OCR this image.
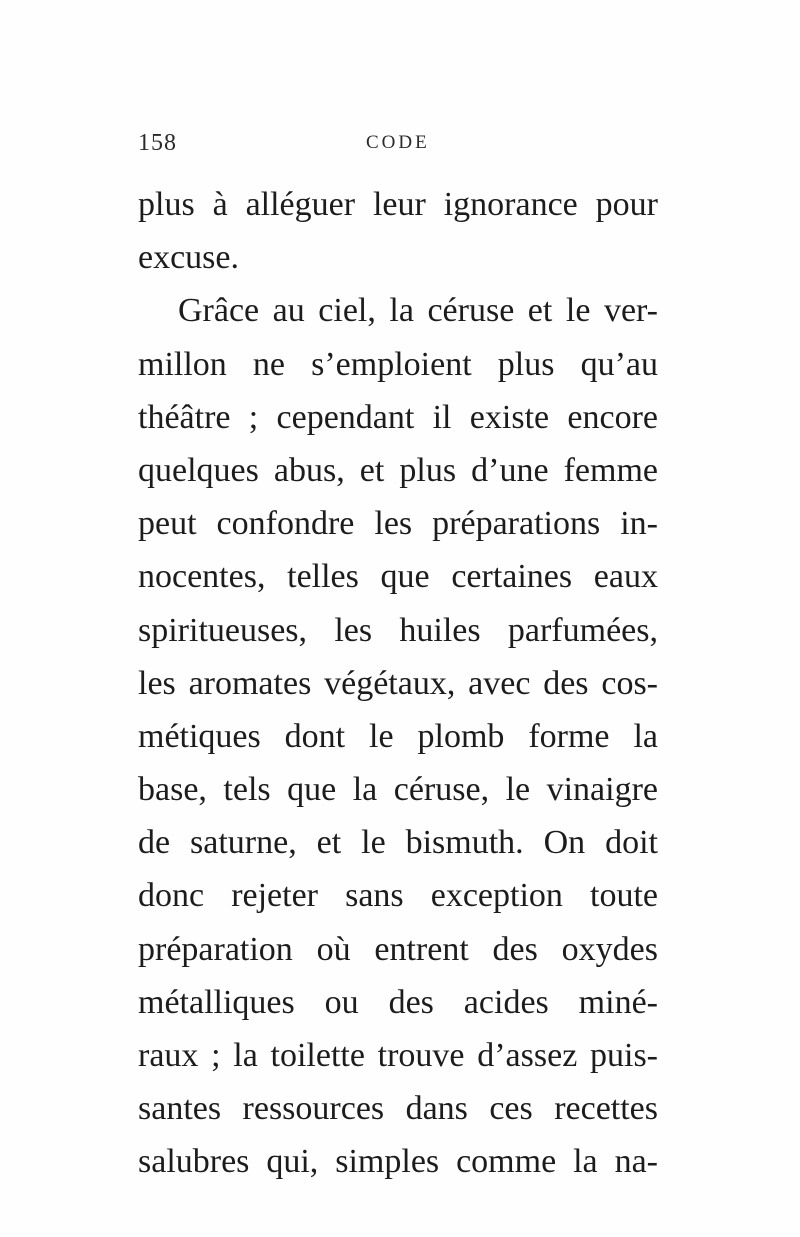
158	CODE
plus à alléguer leur ignorance pour
excuse.
Grâce au ciel, la céruse et le ver-
millon ne s’emploient plus qu’au
théâtre ; cependant il existe encore
quelques abus, et plus d’une femme
peut confondre les préparations in-
nocentes, telles que certaines eaux
spiritueuses, les huiles parfumées,
les aromates végétaux, avec des cos-
métiques dont le plomb forme la
base, tels que la céruse, le vinaigre
de saturne, et le bismuth. On doit
donc rejeter sans exception toute
préparation où entrent des oxydes
métalliques ou des acides miné-
raux ; la toilette trouve d’assez puis-
santes ressources dans ces recettes
salubres qui, simples comme la na-
